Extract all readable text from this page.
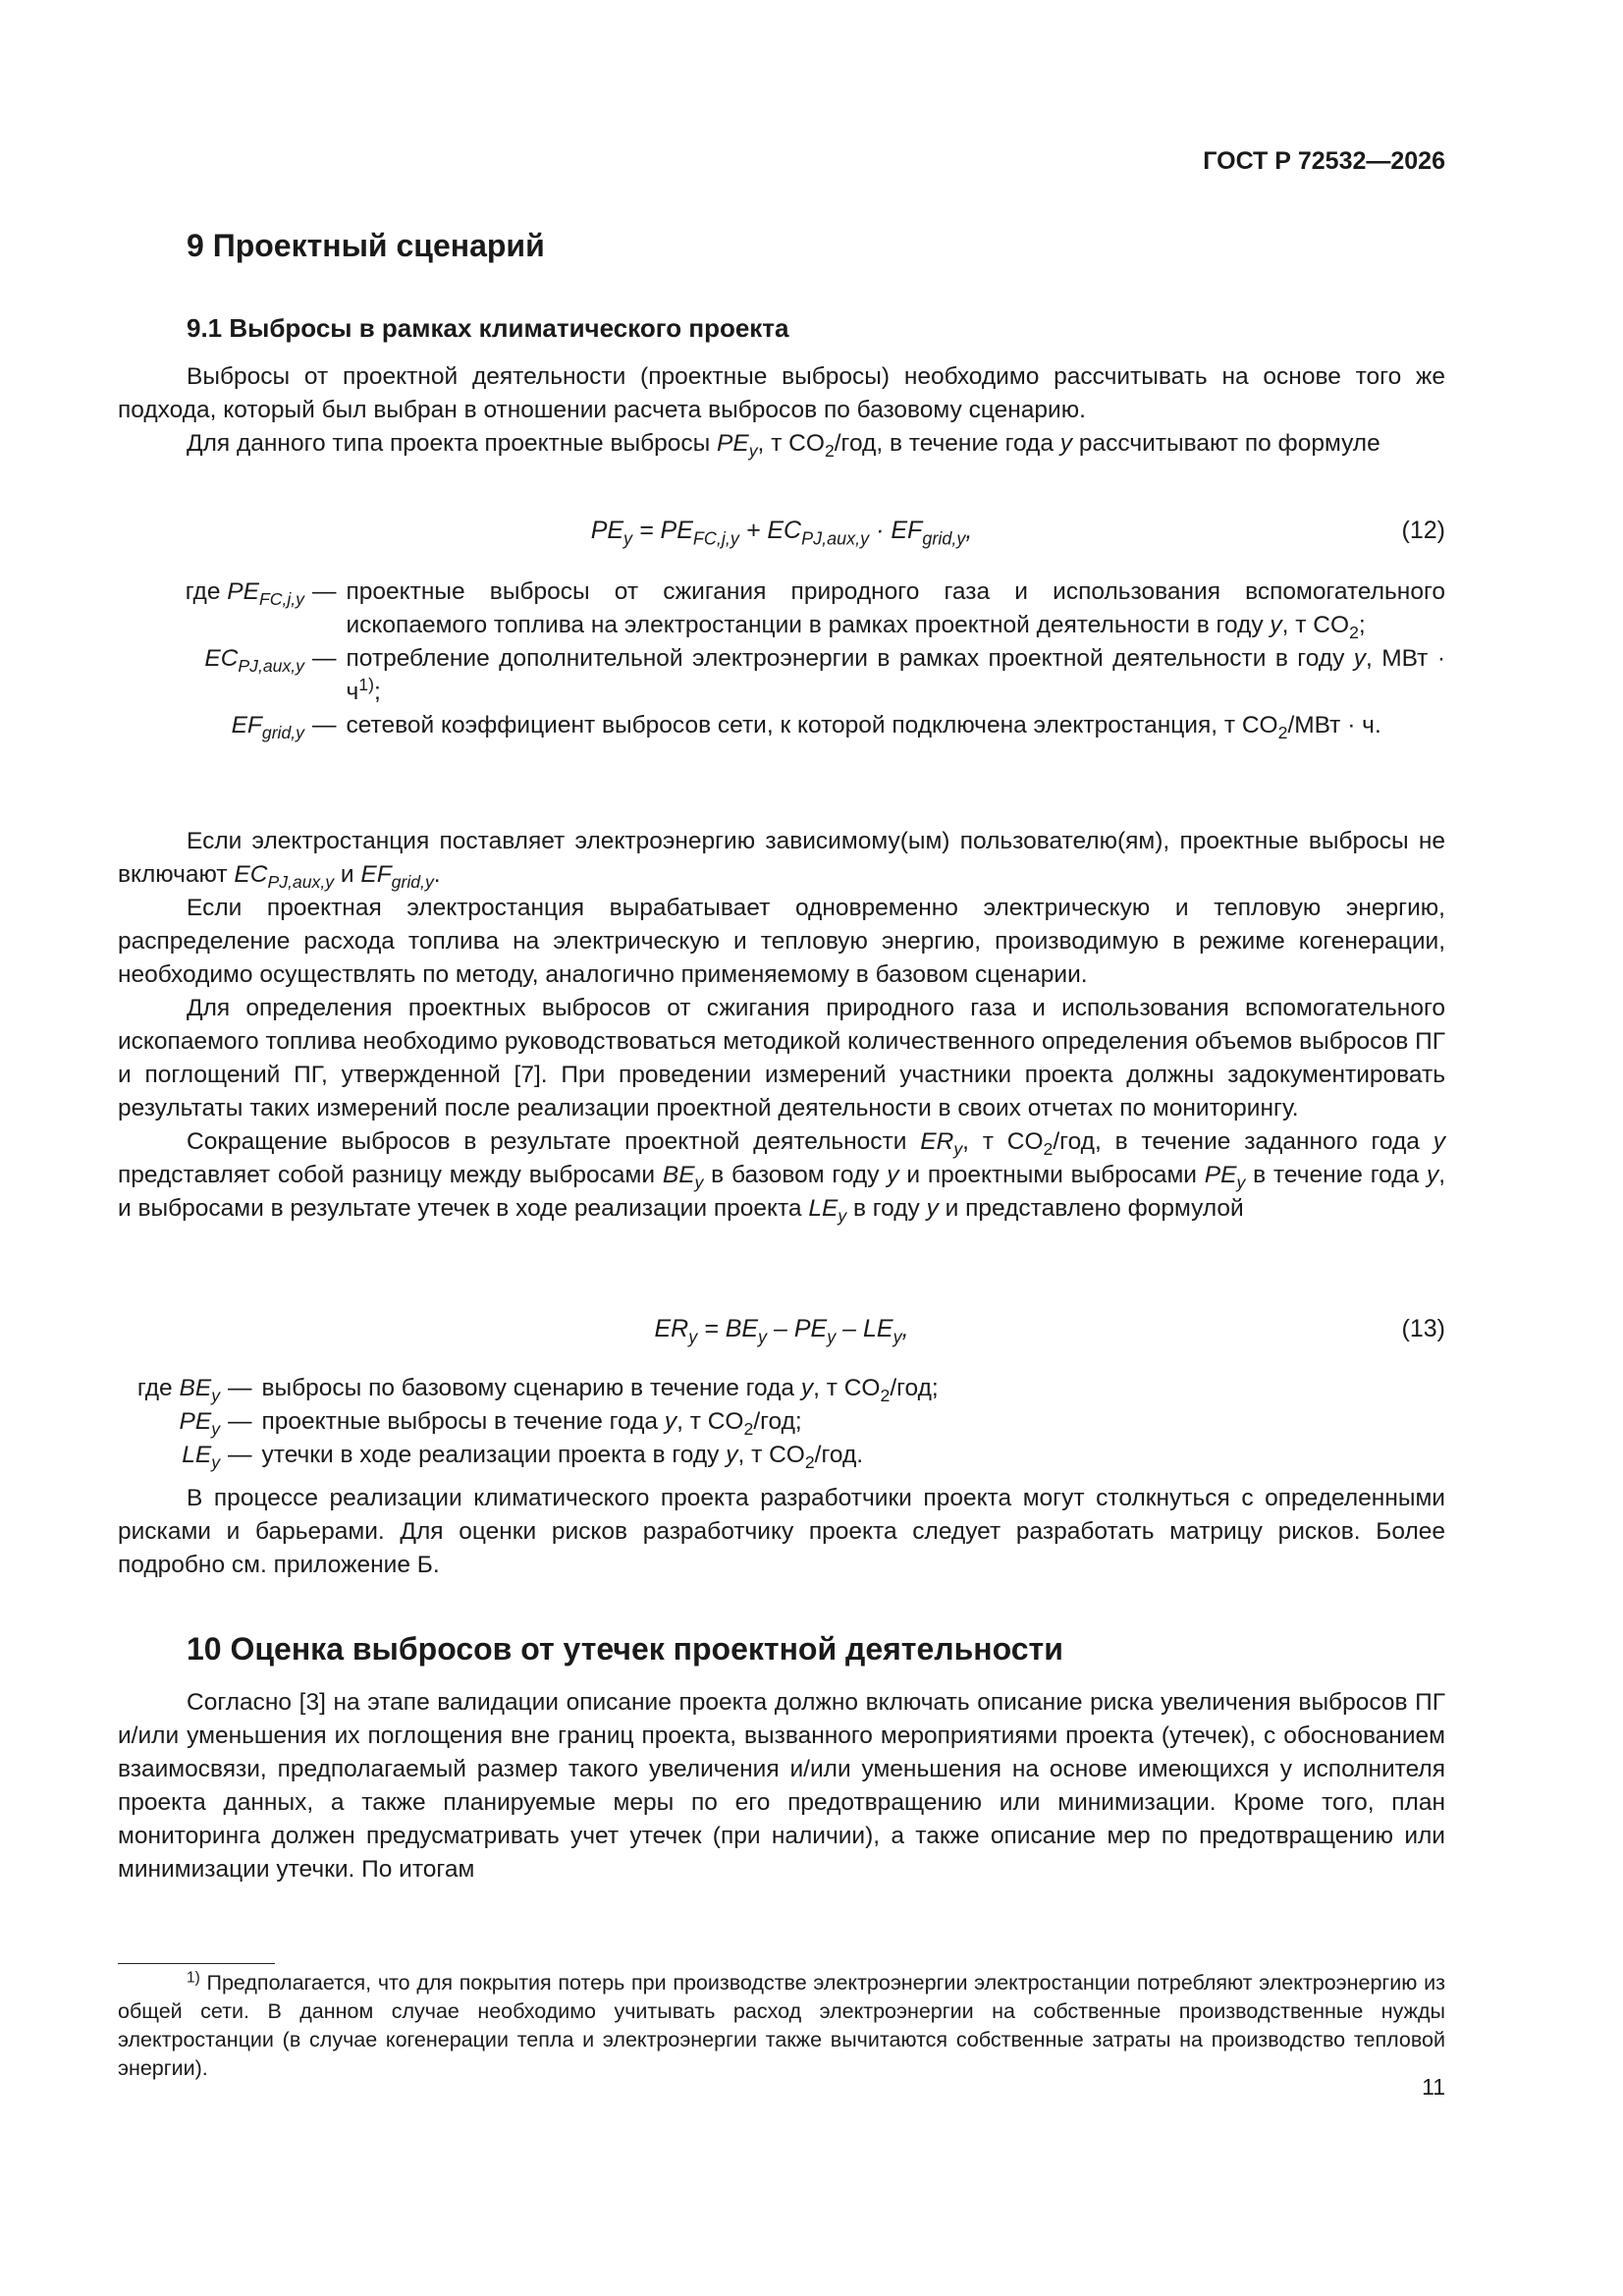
ГОСТ Р 72532—2026
9 Проектный сценарий
9.1 Выбросы в рамках климатического проекта

Выбросы от проектной деятельности (проектные выбросы) необходимо рассчитывать на основе того же подхода, который был выбран в отношении расчета выбросов по базовому сценарию.

Для данного типа проекта проектные выбросы $PE_y$, т $CO_2$/год, в течение года y рассчитывают по формуле

$PE_y = PE_{FC,j,y} + EC_{PJ,aux,y} \cdot EF_{grid,y}$,	(12)
где $PE_{FC,j,y}$ — проектные выбросы от сжигания природного газа и использования вспомогательного ископаемого топлива на электростанции в рамках проектной деятельности в году y, т $CO_2$;
$EC_{PJ,aux,y}$ — потребление дополнительной электроэнергии в рамках проектной деятельности в году y, МВт · $ч^{1)}$;
$EF_{grid,y}$ — сетевой коэффициент выбросов сети, к которой подключена электростанция, т $CO_2$/МВт · ч.

Если электростанция поставляет электроэнергию зависимому(ым) пользователю(ям), проектные выбросы не включают $EC_{PJ,aux,y}$ и $EF_{grid,y}$.

Если проектная электростанция вырабатывает одновременно электрическую и тепловую энергию, распределение расхода топлива на электрическую и тепловую энергию, производимую в режиме когенерации, необходимо осуществлять по методу, аналогично применяемому в базовом сценарии.

Для определения проектных выбросов от сжигания природного газа и использования вспомогательного ископаемого топлива необходимо руководствоваться методикой количественного определения объемов выбросов ПГ и поглощений ПГ, утвержденной [7]. При проведении измерений участники проекта должны задокументировать результаты таких измерений после реализации проектной деятельности в своих отчетах по мониторингу.

Сокращение выбросов в результате проектной деятельности $ER_y$, т $CO_2$/год, в течение заданного года y представляет собой разницу между выбросами $BE_y$ в базовом году y и проектными выбросами $PE_y$ в течение года y, и выбросами в результате утечек в ходе реализации проекта $LE_y$ в году y и представлено формулой

$ER_y = BE_y - PE_y - LE_y$,	(13)
где $BE_y$ — выбросы по базовому сценарию в течение года y, т $CO_2$/год;
$PE_y$ — проектные выбросы в течение года y, т $CO_2$/год;
$LE_y$ — утечки в ходе реализации проекта в году y, т $CO_2$/год.

В процессе реализации климатического проекта разработчики проекта могут столкнуться с определенными рисками и барьерами. Для оценки рисков разработчику проекта следует разработать матрицу рисков. Более подробно см. приложение Б.

10 Оценка выбросов от утечек проектной деятельности

Согласно [3] на этапе валидации описание проекта должно включать описание риска увеличения выбросов ПГ и/или уменьшения их поглощения вне границ проекта, вызванного мероприятиями проекта (утечек), с обоснованием взаимосвязи, предполагаемый размер такого увеличения и/или уменьшения на основе имеющихся у исполнителя проекта данных, а также планируемые меры по его предотвращению или минимизации. Кроме того, план мониторинга должен предусматривать учет утечек (при наличии), а также описание мер по предотвращению или минимизации утечки. По итогам

$^{1)}$ Предполагается, что для покрытия потерь при производстве электроэнергии электростанции потребляют электроэнергию из общей сети. В данном случае необходимо учитывать расход электроэнергии на собственные производственные нужды электростанции (в случае когенерации тепла и электроэнергии также вычитаются собственные затраты на производство тепловой энергии).

11
